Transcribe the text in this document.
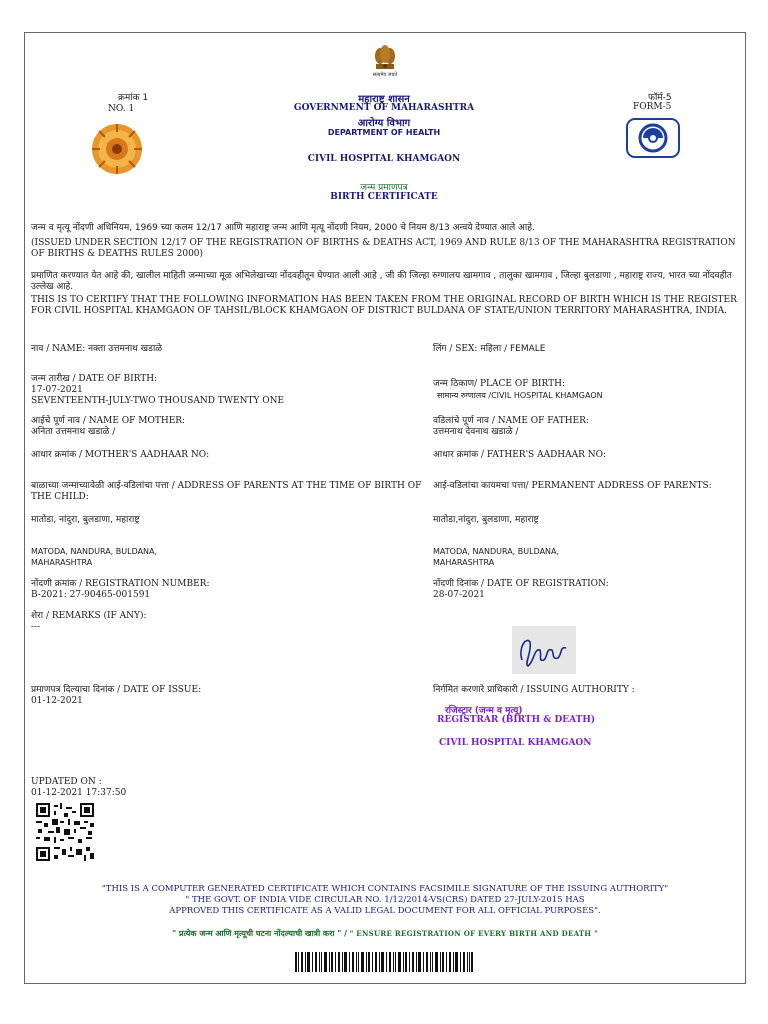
सत्यमेव जयते
क्रमांक 1
NO. 1
फॉर्म-5
FORM-5
महाराष्ट्र शासन
GOVERNMENT OF MAHARASHTRA
आरोग्य विभाग
DEPARTMENT OF HEALTH
CIVIL HOSPITAL KHAMGAON
जन्म प्रमाणपत्र
BIRTH CERTIFICATE
जन्म व मृत्यू नोंदणी अधिनियम, 1969 च्या कलम 12/17 आणि महाराष्ट्र जन्म आणि मृत्यू नोंदणी नियम, 2000 चे नियम 8/13 अन्वये देण्यात आले आहे.
(ISSUED UNDER SECTION 12/17 OF THE REGISTRATION OF BIRTHS & DEATHS ACT, 1969 AND RULE 8/13 OF THE MAHARASHTRA REGISTRATION OF BIRTHS & DEATHS RULES 2000)
प्रमाणित करण्यात येत आहे की, खालील माहिती जन्माच्या मूळ अभिलेखाच्या नोंदवहीतून घेण्यात आली आहे , जी की जिल्हा रुग्णालय खामगाव , तालुका खामगाव , जिल्हा बुलडाणा , महाराष्ट्र राज्य, भारत च्या नोंदवहीत उल्लेख आहे.
THIS IS TO CERTIFY THAT THE FOLLOWING INFORMATION HAS BEEN TAKEN FROM THE ORIGINAL RECORD OF BIRTH WHICH IS THE REGISTER FOR CIVIL HOSPITAL KHAMGAON OF TAHSIL/BLOCK KHAMGAON OF DISTRICT BULDANA OF STATE/UNION TERRITORY MAHARASHTRA, INDIA.
नाव / NAME: नक्ता उत्तमनाथ खडाळे	लिंग / SEX: महिला / FEMALE
जन्म तारीख / DATE OF BIRTH:
17-07-2021
SEVENTEENTH-JULY-TWO THOUSAND TWENTY ONE
जन्म ठिकाण/ PLACE OF BIRTH:
सामान्य रुग्णालय /CIVIL HOSPITAL KHAMGAON
आईचे पूर्ण नाव / NAME OF MOTHER:
अनिता उत्तमनाथ खडाळे /
वडिलांचे पूर्ण नाव / NAME OF FATHER:
उत्तमनाथ देवनाथ खडाळे /
आधार क्रमांक / MOTHER'S AADHAAR NO:	आधार क्रमांक / FATHER'S AADHAAR NO:
बाळाच्या जन्माच्यावेळी आई-वडिलांचा पत्ता / ADDRESS OF PARENTS AT THE TIME OF BIRTH OF THE CHILD:
आई-वडिलांचा कायमचा पत्ता/ PERMANENT ADDRESS OF PARENTS:
मातोडा, नांदुरा, बुलडाणा, महाराष्ट्र	मातोडा,नांदुरा, बुलडाणा, महाराष्ट्र
MATODA, NANDURA, BULDANA,
MAHARASHTRA
MATODA, NANDURA, BULDANA,
MAHARASHTRA
नोंदणी क्रमांक / REGISTRATION NUMBER:
B-2021: 27-90465-001591
नोंदणी दिनांक / DATE OF REGISTRATION:
28-07-2021
शेरा / REMARKS (IF ANY):
---
प्रमाणपत्र दिल्याचा दिनांक / DATE OF ISSUE:
01-12-2021
निर्गमित करणारे प्राधिकारी / ISSUING AUTHORITY :
रजिस्ट्रार (जन्म व मृत्यू)
REGISTRAR (BIRTH & DEATH)
CIVIL HOSPITAL KHAMGAON
UPDATED ON :
01-12-2021 17:37:50
"THIS IS A COMPUTER GENERATED CERTIFICATE WHICH CONTAINS FACSIMILE SIGNATURE OF THE ISSUING AUTHORITY"
" THE GOVT. OF INDIA VIDE CIRCULAR NO. 1/12/2014-VS(CRS) DATED 27-JULY-2015 HAS
APPROVED THIS CERTIFICATE AS A VALID LEGAL DOCUMENT FOR ALL OFFICIAL PURPOSES".
" प्रत्येक जन्म आणि मृत्यूची घटना नोंदल्याची खात्री करा " / " ENSURE REGISTRATION OF EVERY BIRTH AND DEATH "
